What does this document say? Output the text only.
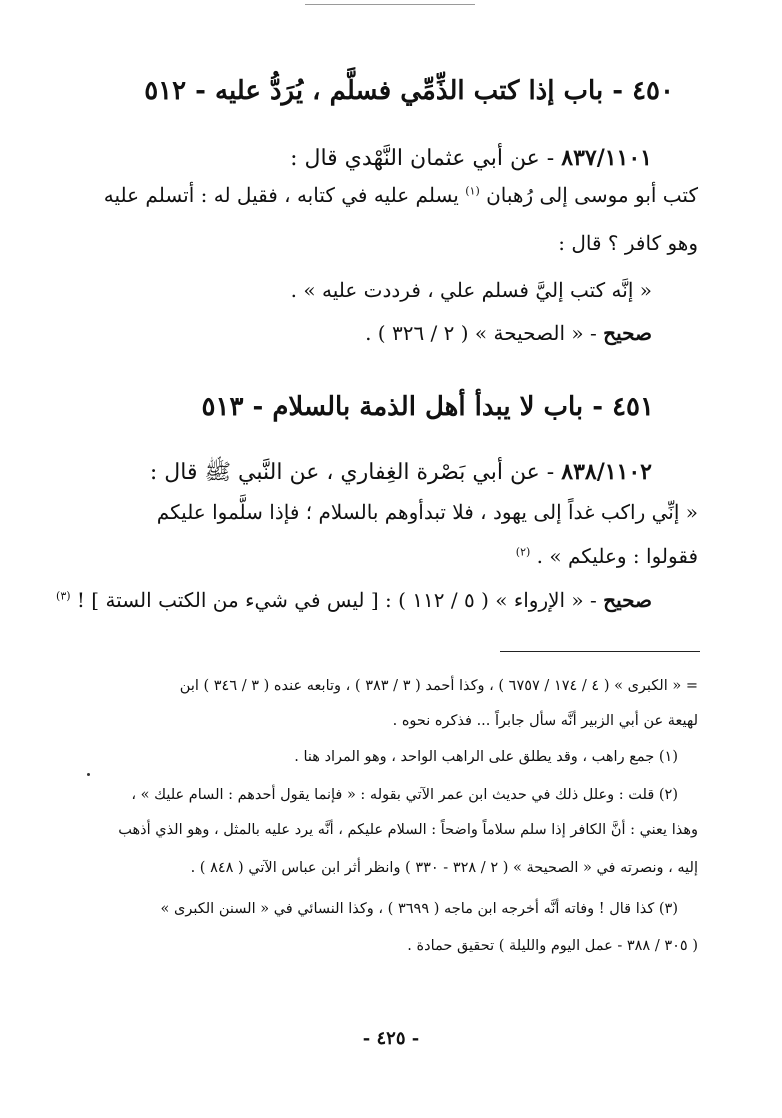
٤٥٠ - باب إذا كتب الذِّمِّي فسلَّم ، يُرَدُّ عليه - ٥١٢
٨٣٧/١١٠١ - عن أبي عثمان النَّهْدي قال :
كتب أبو موسى إلى رُهبان $^{(١)}$ يسلم عليه في كتابه ، فقيل له : أتسلم عليه
وهو كافر ؟ قال :
« إنَّه كتب إليَّ فسلم علي ، فرددت عليه » .
صحيح - « الصحيحة » ( ٢ / ٣٢٦ ) .
٤٥١ - باب لا يبدأ أهل الذمة بالسلام - ٥١٣
٨٣٨/١١٠٢ - عن أبي بَصْرة الغِفاري ، عن النَّبي ﷺ قال :
« إنِّي راكب غداً إلى يهود ، فلا تبدأوهم بالسلام ؛ فإذا سلَّموا عليكم
فقولوا : وعليكم » . $^{(٢)}$
صحيح - « الإرواء » ( ٥ / ١١٢ ) : [ ليس في شيء من الكتب الستة ] ! $^{(٣)}$
= « الكبرى » ( ٤ / ١٧٤ / ٦٧٥٧ ) ، وكذا أحمد ( ٣ / ٣٨٣ ) ، وتابعه عنده ( ٣ / ٣٤٦ ) ابن
لهيعة عن أبي الزبير أنَّه سأل جابراً ... فذكره نحوه .
(١) جمع راهب ، وقد يطلق على الراهب الواحد ، وهو المراد هنا .
(٢) قلت : وعلل ذلك في حديث ابن عمر الآتي بقوله : « فإنما يقول أحدهم : السام عليك » ،
وهذا يعني : أنَّ الكافر إذا سلم سلاماً واضحاً : السلام عليكم ، أنَّه يرد عليه بالمثل ، وهو الذي أذهب
إليه ، ونصرته في « الصحيحة » ( ٢ / ٣٢٨ - ٣٣٠ ) وانظر أثر ابن عباس الآتي ( ٨٤٨ ) .
(٣) كذا قال ! وفاته أنَّه أخرجه ابن ماجه ( ٣٦٩٩ ) ، وكذا النسائي في « السنن الكبرى »
( ٣٠٥ / ٣٨٨ - عمل اليوم والليلة ) تحقيق حمادة .
- ٤٢٥ -
